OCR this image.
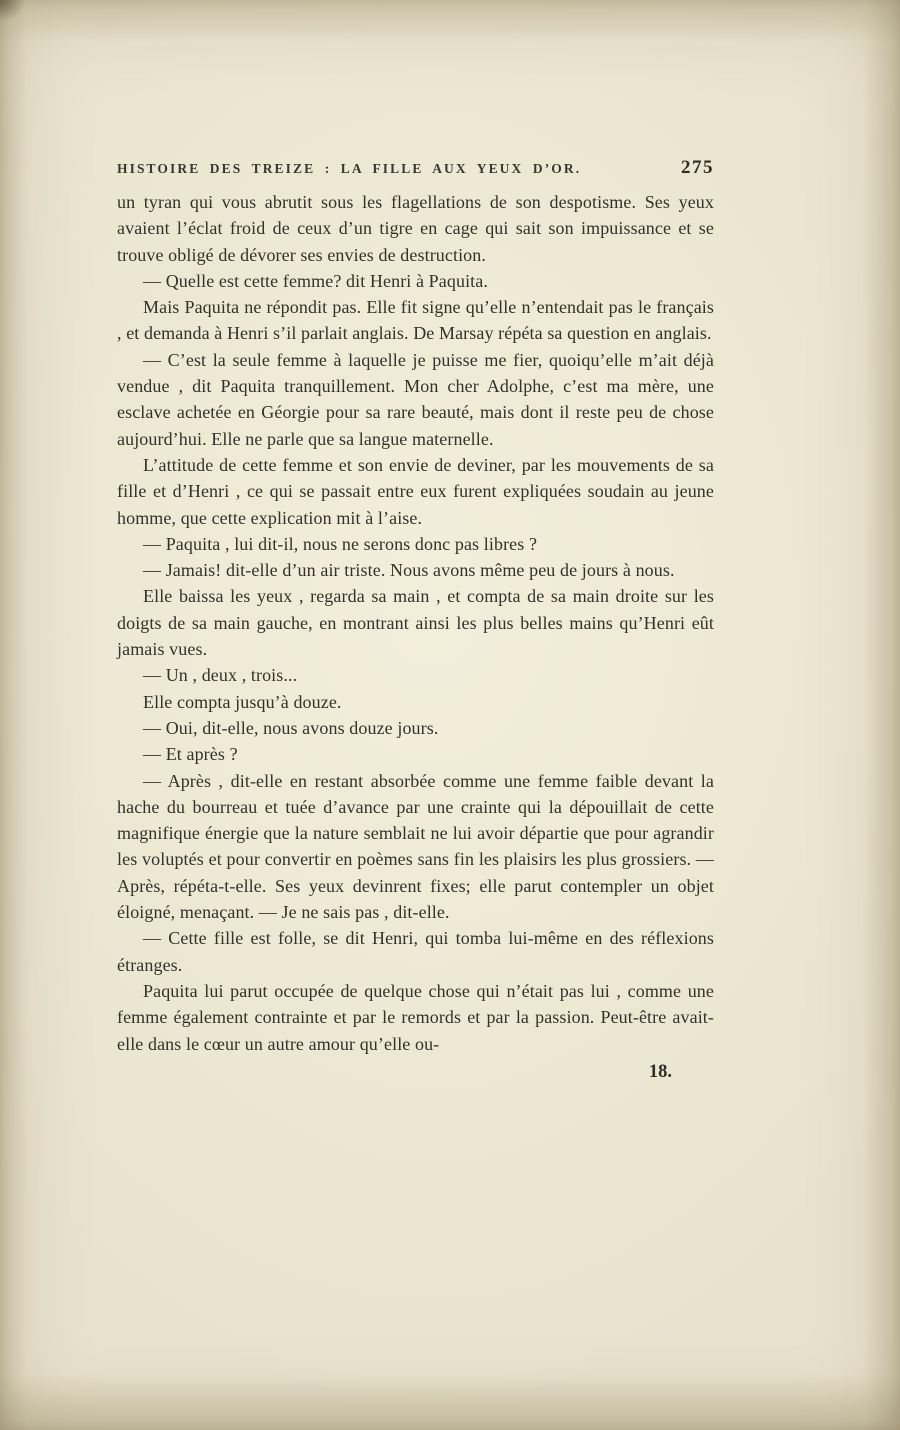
HISTOIRE DES TREIZE : LA FILLE AUX YEUX D’OR.	275

un tyran qui vous abrutit sous les flagellations de son despotisme. Ses yeux avaient l’éclat froid de ceux d’un tigre en cage qui sait son impuissance et se trouve obligé de dévorer ses envies de destruction.

— Quelle est cette femme? dit Henri à Paquita.

Mais Paquita ne répondit pas. Elle fit signe qu’elle n’entendait pas le français , et demanda à Henri s’il parlait anglais. De Marsay répéta sa question en anglais.

— C’est la seule femme à laquelle je puisse me fier, quoiqu’elle m’ait déjà vendue , dit Paquita tranquillement. Mon cher Adolphe, c’est ma mère, une esclave achetée en Géorgie pour sa rare beauté, mais dont il reste peu de chose aujourd’hui. Elle ne parle que sa langue maternelle.

L’attitude de cette femme et son envie de deviner, par les mouvements de sa fille et d’Henri , ce qui se passait entre eux furent expliquées soudain au jeune homme, que cette explication mit à l’aise.

— Paquita , lui dit-il, nous ne serons donc pas libres ?

— Jamais! dit-elle d’un air triste. Nous avons même peu de jours à nous.

Elle baissa les yeux , regarda sa main , et compta de sa main droite sur les doigts de sa main gauche, en montrant ainsi les plus belles mains qu’Henri eût jamais vues.

— Un , deux , trois...

Elle compta jusqu’à douze.

— Oui, dit-elle, nous avons douze jours.

— Et après ?

— Après , dit-elle en restant absorbée comme une femme faible devant la hache du bourreau et tuée d’avance par une crainte qui la dépouillait de cette magnifique énergie que la nature semblait ne lui avoir départie que pour agrandir les voluptés et pour convertir en poèmes sans fin les plaisirs les plus grossiers. — Après, répéta-t-elle. Ses yeux devinrent fixes; elle parut contempler un objet éloigné, menaçant. — Je ne sais pas , dit-elle.

— Cette fille est folle, se dit Henri, qui tomba lui-même en des réflexions étranges.

Paquita lui parut occupée de quelque chose qui n’était pas lui , comme une femme également contrainte et par le remords et par la passion. Peut-être avait-elle dans le cœur un autre amour qu’elle ou-

18.
